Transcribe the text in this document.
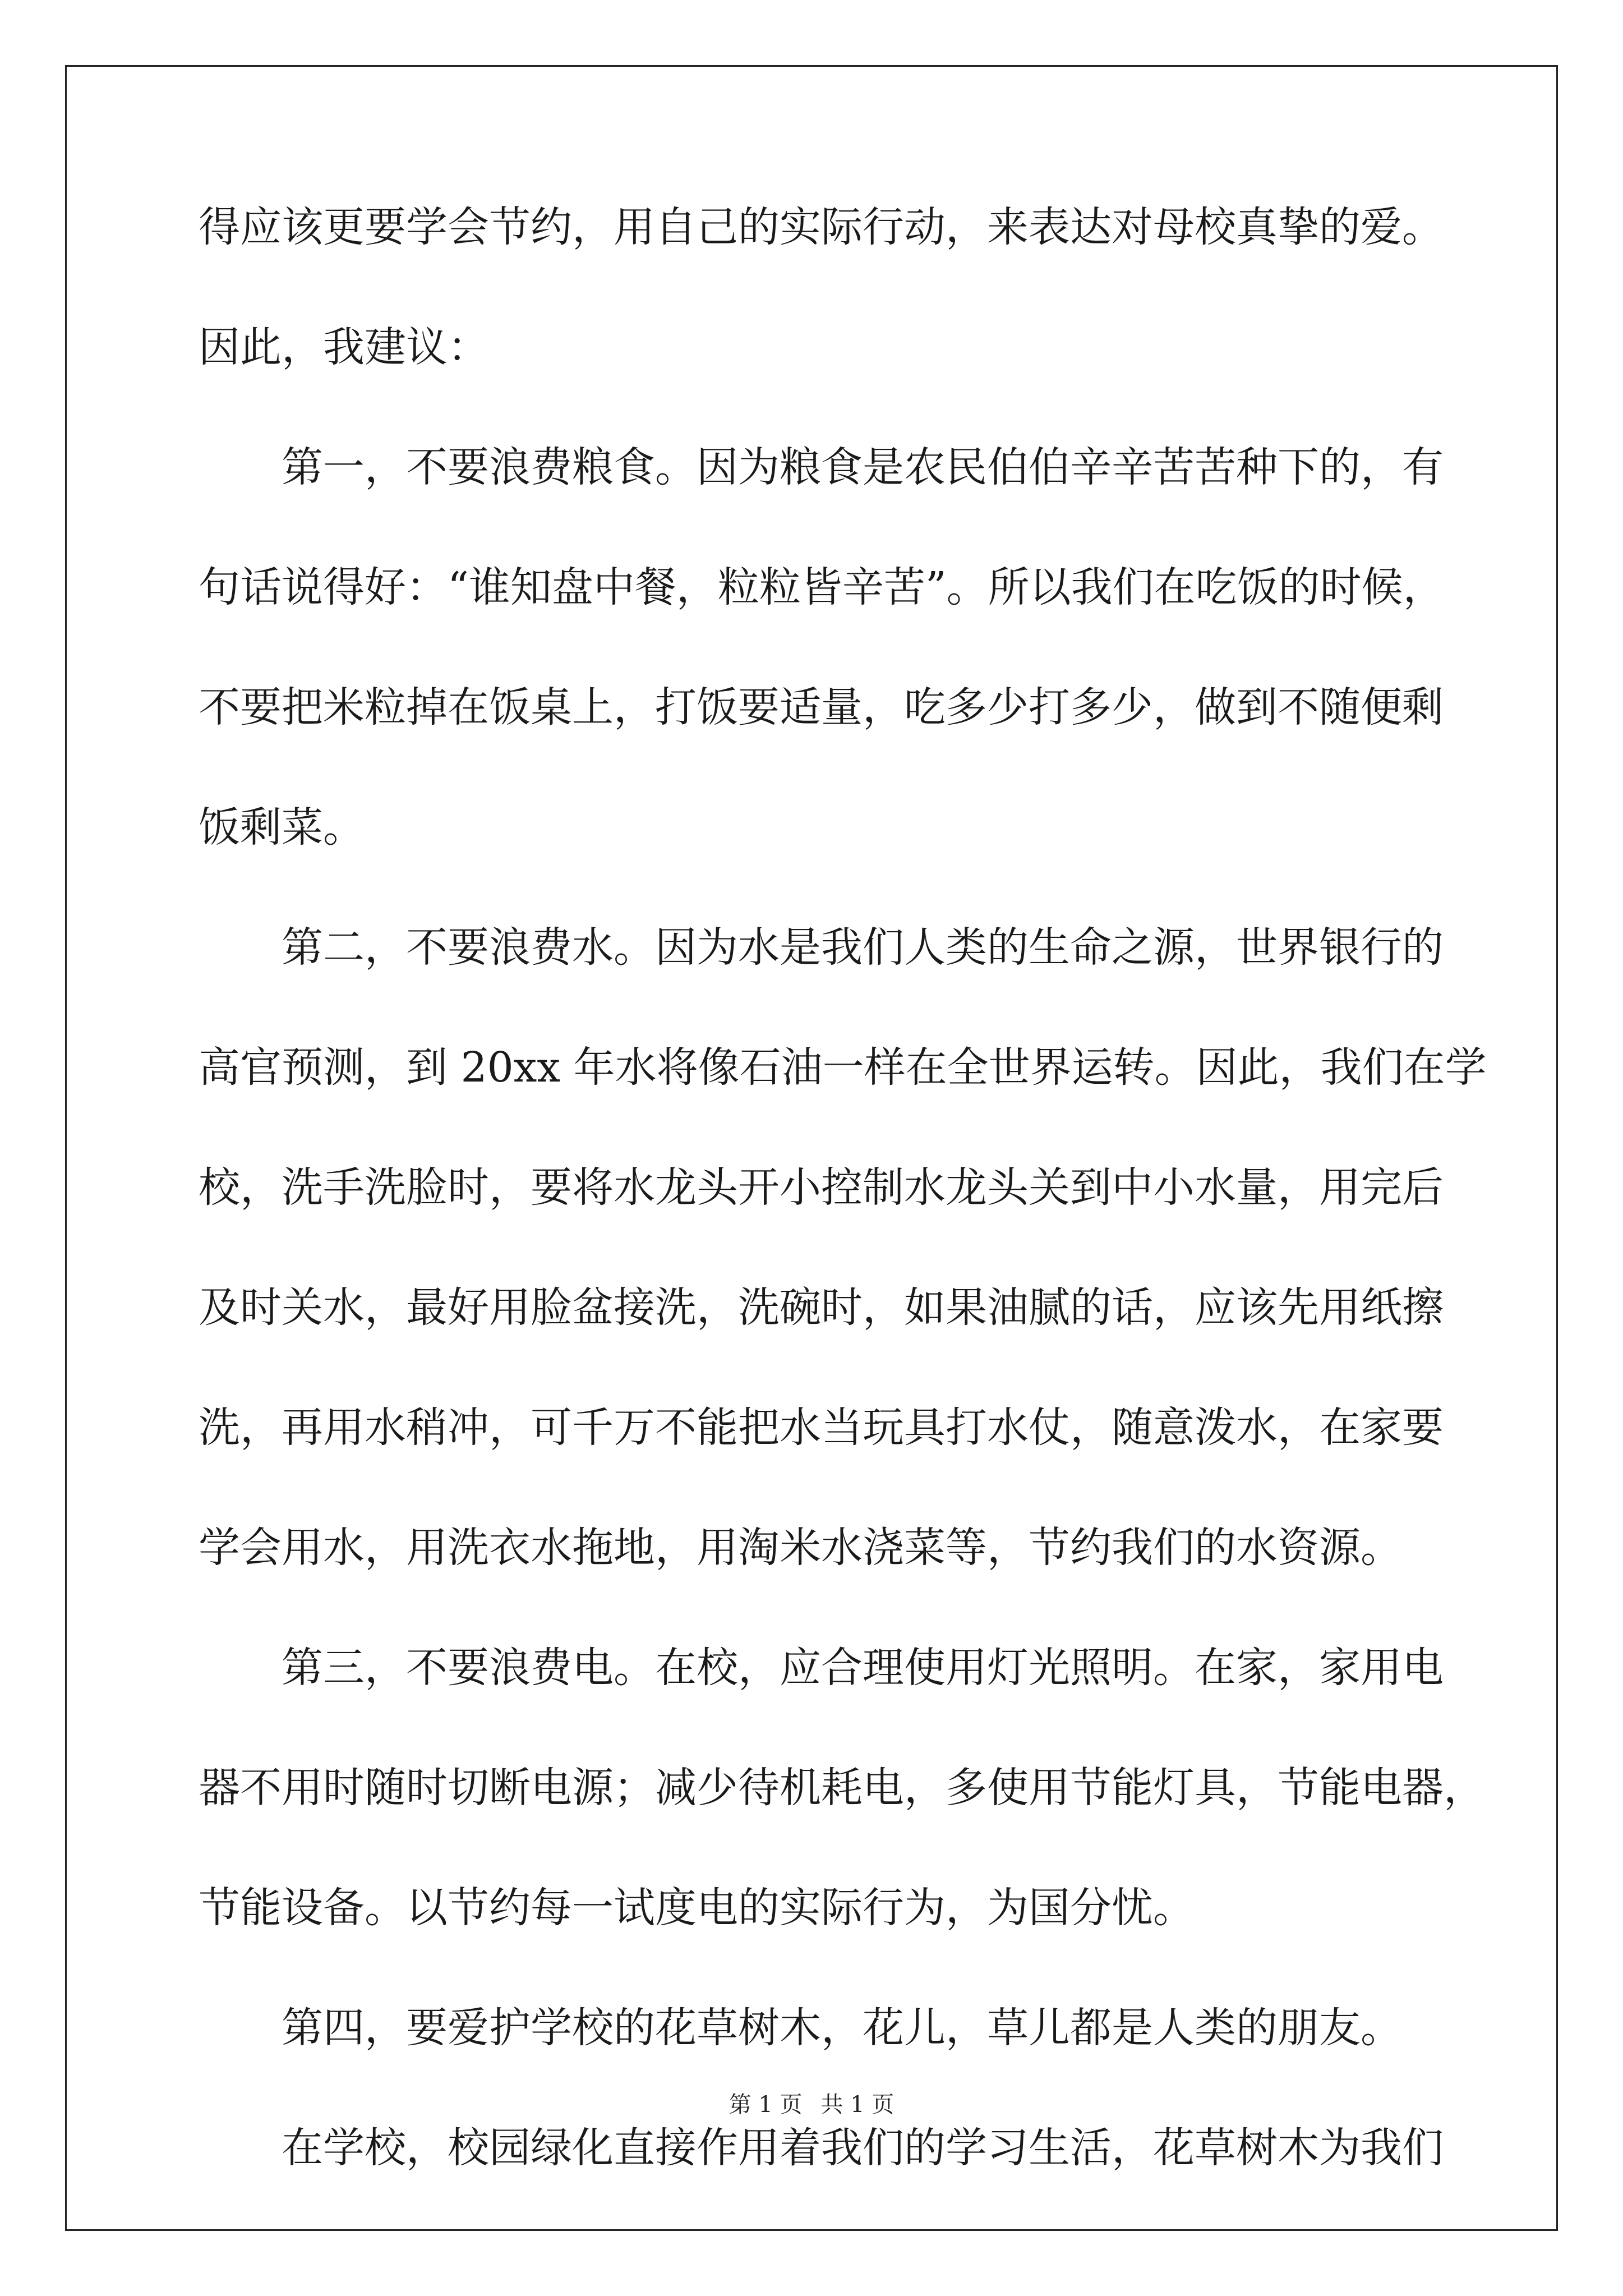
得应该更要学会节约，用自己的实际行动，来表达对母校真挚的爱。
因此，我建议：
　　第一，不要浪费粮食。因为粮食是农民伯伯辛辛苦苦种下的，有
句话说得好：“谁知盘中餐，粒粒皆辛苦”。所以我们在吃饭的时候，
不要把米粒掉在饭桌上，打饭要适量，吃多少打多少，做到不随便剩
饭剩菜。
　　第二，不要浪费水。因为水是我们人类的生命之源，世界银行的
高官预测，到 20xx 年水将像石油一样在全世界运转。因此，我们在学
校，洗手洗脸时，要将水龙头开小控制水龙头关到中小水量，用完后
及时关水，最好用脸盆接洗，洗碗时，如果油腻的话，应该先用纸擦
洗，再用水稍冲，可千万不能把水当玩具打水仗，随意泼水，在家要
学会用水，用洗衣水拖地，用淘米水浇菜等，节约我们的水资源。
　　第三，不要浪费电。在校，应合理使用灯光照明。在家，家用电
器不用时随时切断电源；减少待机耗电，多使用节能灯具，节能电器，
节能设备。以节约每一试度电的实际行为，为国分忧。
　　第四，要爱护学校的花草树木，花儿，草儿都是人类的朋友。
　　在学校，校园绿化直接作用着我们的学习生活，花草树木为我们
第 1 页 共 1 页
